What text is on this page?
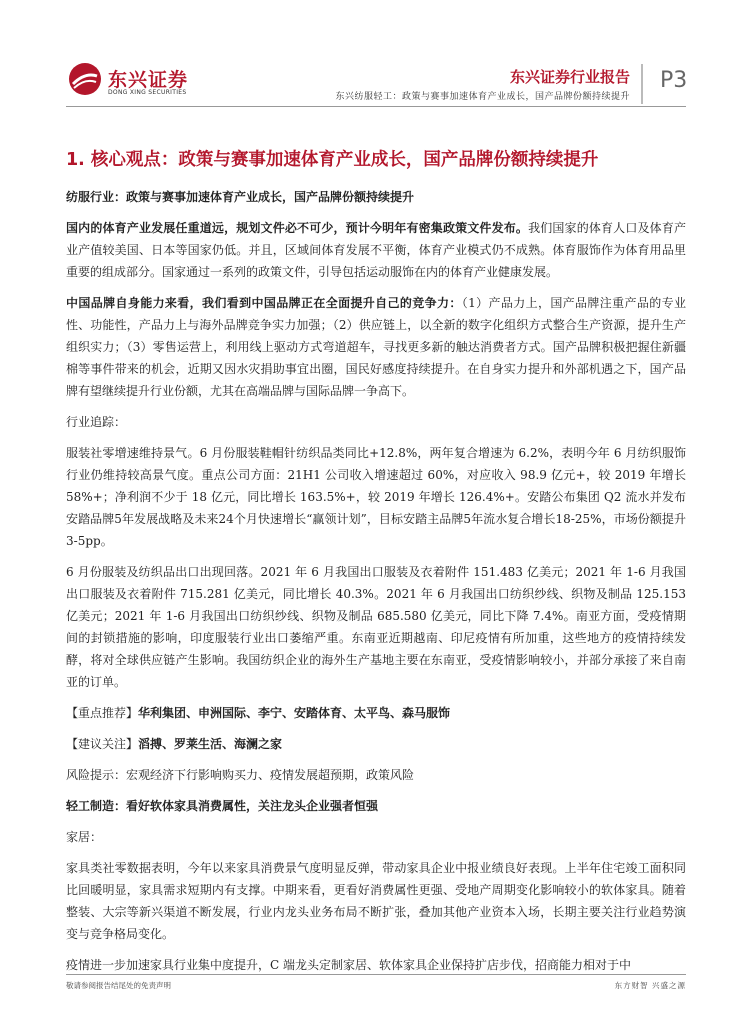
东兴证券
DONG XING SECURITIES
东兴证券行业报告
东兴纺服轻工：政策与赛事加速体育产业成长，国产品牌份额持续提升
P3
1. 核心观点：政策与赛事加速体育产业成长，国产品牌份额持续提升
纺服行业：政策与赛事加速体育产业成长，国产品牌份额持续提升

国内的体育产业发展任重道远，规划文件必不可少，预计今明年有密集政策文件发布。我们国家的体育人口及体育产业产值较美国、日本等国家仍低。并且，区域间体育发展不平衡，体育产业模式仍不成熟。体育服饰作为体育用品里重要的组成部分。国家通过一系列的政策文件，引导包括运动服饰在内的体育产业健康发展。

中国品牌自身能力来看，我们看到中国品牌正在全面提升自己的竞争力：（1）产品力上，国产品牌注重产品的专业性、功能性，产品力上与海外品牌竞争实力加强；（2）供应链上，以全新的数字化组织方式整合生产资源，提升生产组织实力；（3）零售运营上，利用线上驱动方式弯道超车，寻找更多新的触达消费者方式。国产品牌积极把握住新疆棉等事件带来的机会，近期又因水灾捐助事宜出圈，国民好感度持续提升。在自身实力提升和外部机遇之下，国产品牌有望继续提升行业份额，尤其在高端品牌与国际品牌一争高下。

行业追踪：

服装社零增速维持景气。6 月份服装鞋帽针纺织品类同比+12.8%，两年复合增速为 6.2%，表明今年 6 月纺织服饰行业仍维持较高景气度。重点公司方面：21H1 公司收入增速超过 60%，对应收入 98.9 亿元+，较 2019 年增长 58%+；净利润不少于 18 亿元，同比增长 163.5%+，较 2019 年增长 126.4%+。安踏公布集团 Q2 流水并发布安踏品牌5年发展战略及未来24个月快速增长“赢领计划”，目标安踏主品牌5年流水复合增长18-25%，市场份额提升 3-5pp。

6 月份服装及纺织品出口出现回落。2021 年 6 月我国出口服装及衣着附件 151.483 亿美元；2021 年 1-6 月我国出口服装及衣着附件 715.281 亿美元，同比增长 40.3%。2021 年 6 月我国出口纺织纱线、织物及制品 125.153 亿美元；2021 年 1-6 月我国出口纺织纱线、织物及制品 685.580 亿美元，同比下降 7.4%。南亚方面，受疫情期间的封锁措施的影响，印度服装行业出口萎缩严重。东南亚近期越南、印尼疫情有所加重，这些地方的疫情持续发酵，将对全球供应链产生影响。我国纺织企业的海外生产基地主要在东南亚，受疫情影响较小，并部分承接了来自南亚的订单。

【重点推荐】华利集团、申洲国际、李宁、安踏体育、太平鸟、森马服饰

【建议关注】滔搏、罗莱生活、海澜之家

风险提示：宏观经济下行影响购买力、疫情发展超预期，政策风险

轻工制造：看好软体家具消费属性，关注龙头企业强者恒强
家居：

家具类社零数据表明，今年以来家具消费景气度明显反弹，带动家具企业中报业绩良好表现。上半年住宅竣工面积同比回暖明显，家具需求短期内有支撑。中期来看，更看好消费属性更强、受地产周期变化影响较小的软体家具。随着整装、大宗等新兴渠道不断发展，行业内龙头业务布局不断扩张，叠加其他产业资本入场，长期主要关注行业趋势演变与竞争格局变化。

疫情进一步加速家具行业集中度提升，C 端龙头定制家居、软体家具企业保持扩店步伐，招商能力相对于中

敬请参阅报告结尾处的免责声明	东方财智 兴盛之源
